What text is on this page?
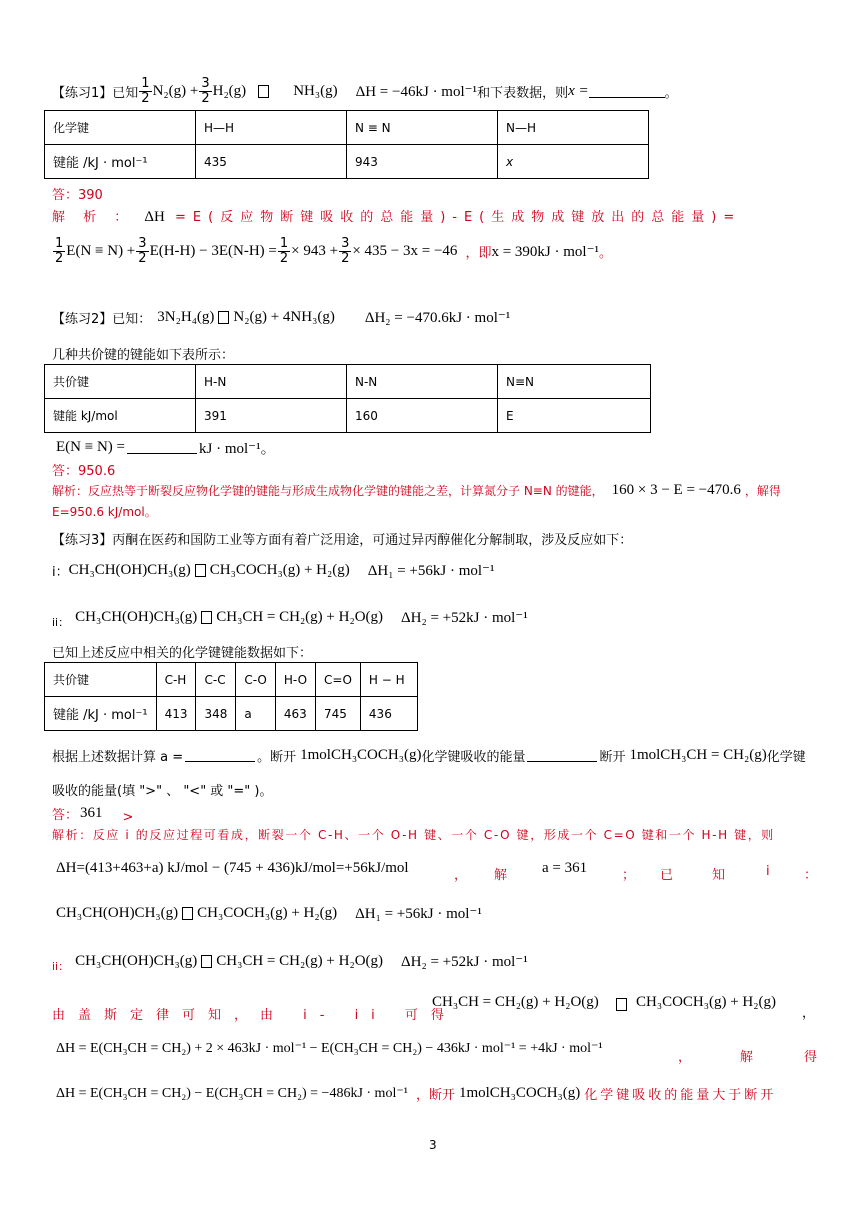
【练习1】 已知 $\frac{1}{2} N_2(g) + \frac{3}{2} H_2(g)$	NH₃(g) ΔH = −46kJ · mol⁻¹ 和下表数据，则 x =	。
化学键	H—H	N ≡ N	N—H
键能 /kJ · mol⁻¹	435	943	x
答：390
解 析 ： ΔH =E(反应物断键吸收的总能量)-E(生成物成键放出的总能量)=
$\frac{1}{2} E(N \equiv N) + \frac{3}{2} E(H-H) - 3E(N-H) = \frac{1}{2} \times 943 + \frac{3}{2} \times 435 - 3x = -46$ ，即 x = 390kJ · mol⁻¹ 。
【练习2】 已知： 3N₂H₄(g) N₂(g) + 4NH₃(g) ΔH₂ = −470.6kJ · mol⁻¹
几种共价键的键能如下表所示：
共价键	H-N	N-N	N≡N
键能 kJ/mol	391	160	E
E(N ≡ N) =	kJ · mol⁻¹。
答：950.6
解析：反应热等于断裂反应物化学键的键能与形成生成物化学键的键能之差，计算氮分子 N≡N 的键能， 160 × 3 − E = −470.6 ，解得
E=950.6 kJ/mol。
【练习3】丙酮在医药和国防工业等方面有着广泛用途，可通过异丙醇催化分解制取，涉及反应如下：
i： CH₃CH(OH)CH₃(g) CH₃COCH₃(g) + H₂(g) ΔH₁ = +56kJ · mol⁻¹
ii： CH₃CH(OH)CH₃(g) CH₃CH = CH₂(g) + H₂O(g) ΔH₂ = +52kJ · mol⁻¹
已知上述反应中相关的化学键键能数据如下：
共价键	C-H	C-C	C-O	H-O	C=O	H − H
键能 /kJ · mol⁻¹	413	348	a	463	745	436
根据上述数据计算 a =	。断开 1molCH₃COCH₃(g) 化学键吸收的能量	断开 1molCH₃CH = CH₂(g) 化学键
吸收的能量(填 ">" 、 "<" 或 "=" )。
答： 361 >
解析：反应 i 的反应过程可看成，断裂一个 C-H、一个 O-H 键、一个 C-O 键，形成一个 C=O 键和一个 H-H 键，则
ΔH=(413+463+a) kJ/mol − (745 + 436)kJ/mol=+56kJ/mol	， 解 a = 361	； 已	知	i	：
CH₃CH(OH)CH₃(g) CH₃COCH₃(g) + H₂(g) ΔH₁ = +56kJ · mol⁻¹
ii： CH₃CH(OH)CH₃(g) CH₃CH = CH₂(g) + H₂O(g) ΔH₂ = +52kJ · mol⁻¹
由盖斯定律可知，由 i- ii 可得
CH₃CH = CH₂(g) + H₂O(g) CH₃COCH₃(g) + H₂(g)
，
ΔH = E(CH₃CH = CH₂) + 2 × 463kJ · mol⁻¹ − E(CH₃CH = CH₂) − 436kJ · mol⁻¹ = +4kJ · mol⁻¹
，	解	得
ΔH = E(CH₃CH = CH₂) − E(CH₃CH = CH₂) = −486kJ · mol⁻¹ ，断开 1molCH₃COCH₃(g) 化学键吸收的能量大于断开
3
